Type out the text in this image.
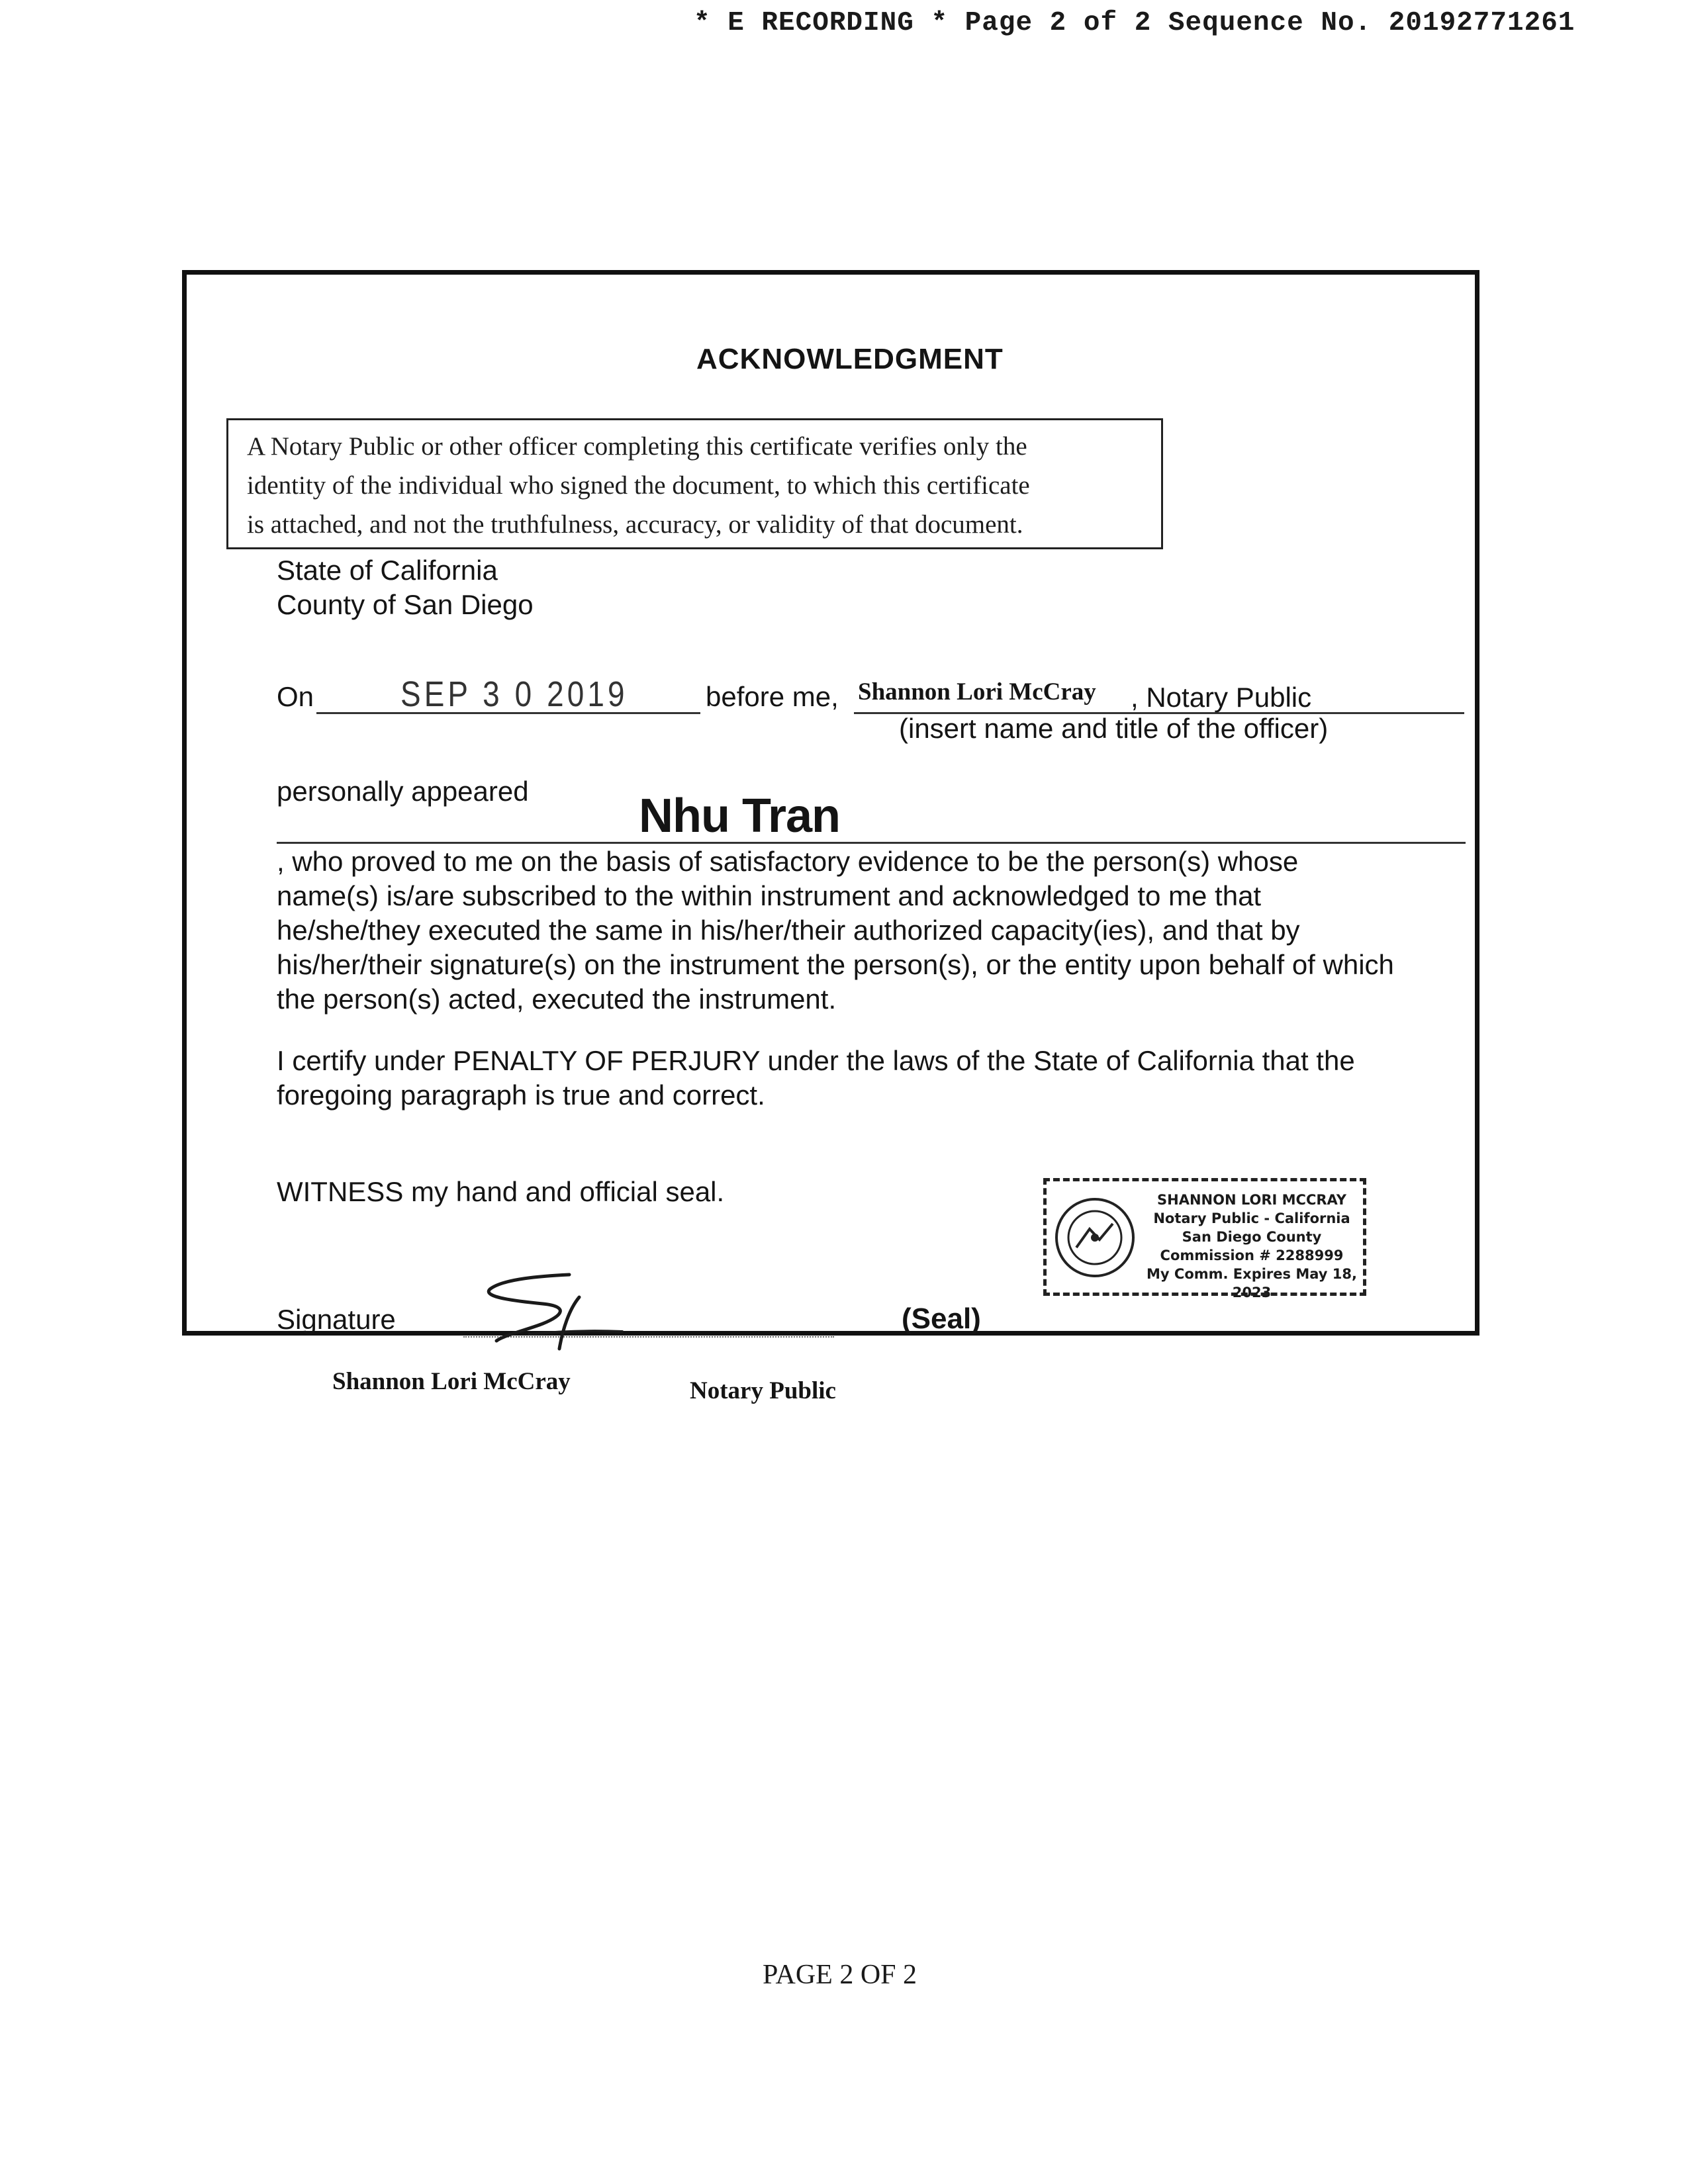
* E RECORDING * Page 2 of 2 Sequence No. 20192771261
ACKNOWLEDGMENT
A Notary Public or other officer completing this certificate verifies only the
identity of the individual who signed the document, to which this certificate
is attached, and not the truthfulness, accuracy, or validity of that document.
State of California
County of San Diego
On SEP 3 0 2019	before me, Shannon Lori McCray , Notary Public
(insert name and title of the officer)
personally appeared Nhu Tran
, who proved to me on the basis of satisfactory evidence to be the person(s) whose
name(s) is/are subscribed to the within instrument and acknowledged to me that
he/she/they executed the same in his/her/their authorized capacity(ies), and that by
his/her/their signature(s) on the instrument the person(s), or the entity upon behalf of which
the person(s) acted, executed the instrument.
I certify under PENALTY OF PERJURY under the laws of the State of California that the
foregoing paragraph is true and correct.
WITNESS my hand and official seal.
Signature	(Seal)
SHANNON LORI MCCRAY
Notary Public - California
San Diego County
Commission # 2288999
My Comm. Expires May 18, 2023
Shannon Lori McCray	Notary Public
PAGE 2 OF 2
